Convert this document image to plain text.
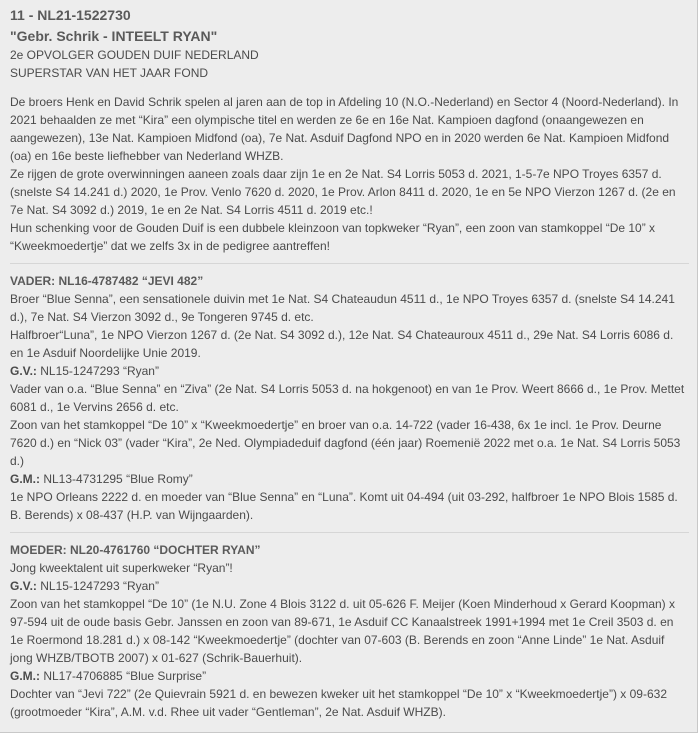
11 - NL21-1522730
"Gebr. Schrik - INTEELT RYAN"
2e OPVOLGER GOUDEN DUIF NEDERLAND
SUPERSTAR VAN HET JAAR FOND

De broers Henk en David Schrik spelen al jaren aan de top in Afdeling 10 (N.O.-Nederland) en Sector 4 (Noord-Nederland). In 2021 behaalden ze met “Kira” een olympische titel en werden ze 6e en 16e Nat. Kampioen dagfond (onaangewezen en aangewezen), 13e Nat. Kampioen Midfond (oa), 7e Nat. Asduif Dagfond NPO en in 2020 werden 6e Nat. Kampioen Midfond (oa) en 16e beste liefhebber van Nederland WHZB.

Ze rijgen de grote overwinningen aaneen zoals daar zijn 1e en 2e Nat. S4 Lorris 5053 d. 2021, 1-5-7e NPO Troyes 6357 d. (snelste S4 14.241 d.) 2020, 1e Prov. Venlo 7620 d. 2020, 1e Prov. Arlon 8411 d. 2020, 1e en 5e NPO Vierzon 1267 d. (2e en 7e Nat. S4 3092 d.) 2019, 1e en 2e Nat. S4 Lorris 4511 d. 2019 etc.!

Hun schenking voor de Gouden Duif is een dubbele kleinzoon van topkweker “Ryan”, een zoon van stamkoppel “De 10” x “Kweekmoedertje” dat we zelfs 3x in de pedigree aantreffen!

VADER: NL16-4787482 “JEVI 482”

Broer “Blue Senna”, een sensationele duivin met 1e Nat. S4 Chateaudun 4511 d., 1e NPO Troyes 6357 d. (snelste S4 14.241 d.), 7e Nat. S4 Vierzon 3092 d., 9e Tongeren 9745 d. etc.

Halfbroer“Luna”, 1e NPO Vierzon 1267 d. (2e Nat. S4 3092 d.), 12e Nat. S4 Chateauroux 4511 d., 29e Nat. S4 Lorris 6086 d. en 1e Asduif Noordelijke Unie 2019.

G.V.: NL15-1247293 “Ryan”

Vader van o.a. “Blue Senna” en “Ziva” (2e Nat. S4 Lorris 5053 d. na hokgenoot) en van 1e Prov. Weert 8666 d., 1e Prov. Mettet 6081 d., 1e Vervins 2656 d. etc.

Zoon van het stamkoppel “De 10” x “Kweekmoedertje” en broer van o.a. 14-722 (vader 16-438, 6x 1e incl. 1e Prov. Deurne 7620 d.) en “Nick 03” (vader “Kira”, 2e Ned. Olympiadeduif dagfond (één jaar) Roemenië 2022 met o.a. 1e Nat. S4 Lorris 5053 d.)

G.M.: NL13-4731295 “Blue Romy”

1e NPO Orleans 2222 d. en moeder van “Blue Senna” en “Luna”. Komt uit 04-494 (uit 03-292, halfbroer 1e NPO Blois 1585 d. B. Berends) x 08-437 (H.P. van Wijngaarden).

MOEDER: NL20-4761760 “DOCHTER RYAN”

Jong kweektalent uit superkweker “Ryan”!

G.V.: NL15-1247293 “Ryan”

Zoon van het stamkoppel “De 10” (1e N.U. Zone 4 Blois 3122 d. uit 05-626 F. Meijer (Koen Minderhoud x Gerard Koopman) x 97-594 uit de oude basis Gebr. Janssen en zoon van 89-671, 1e Asduif CC Kanaalstreek 1991+1994 met 1e Creil 3503 d. en 1e Roermond 18.281 d.) x 08-142 “Kweekmoedertje” (dochter van 07-603 (B. Berends en zoon “Anne Linde” 1e Nat. Asduif jong WHZB/TBOTB 2007) x 01-627 (Schrik-Bauerhuit).

G.M.: NL17-4706885 “Blue Surprise”

Dochter van “Jevi 722” (2e Quievrain 5921 d. en bewezen kweker uit het stamkoppel “De 10” x “Kweekmoedertje”) x 09-632 (grootmoeder “Kira”, A.M. v.d. Rhee uit vader “Gentleman”, 2e Nat. Asduif WHZB).
